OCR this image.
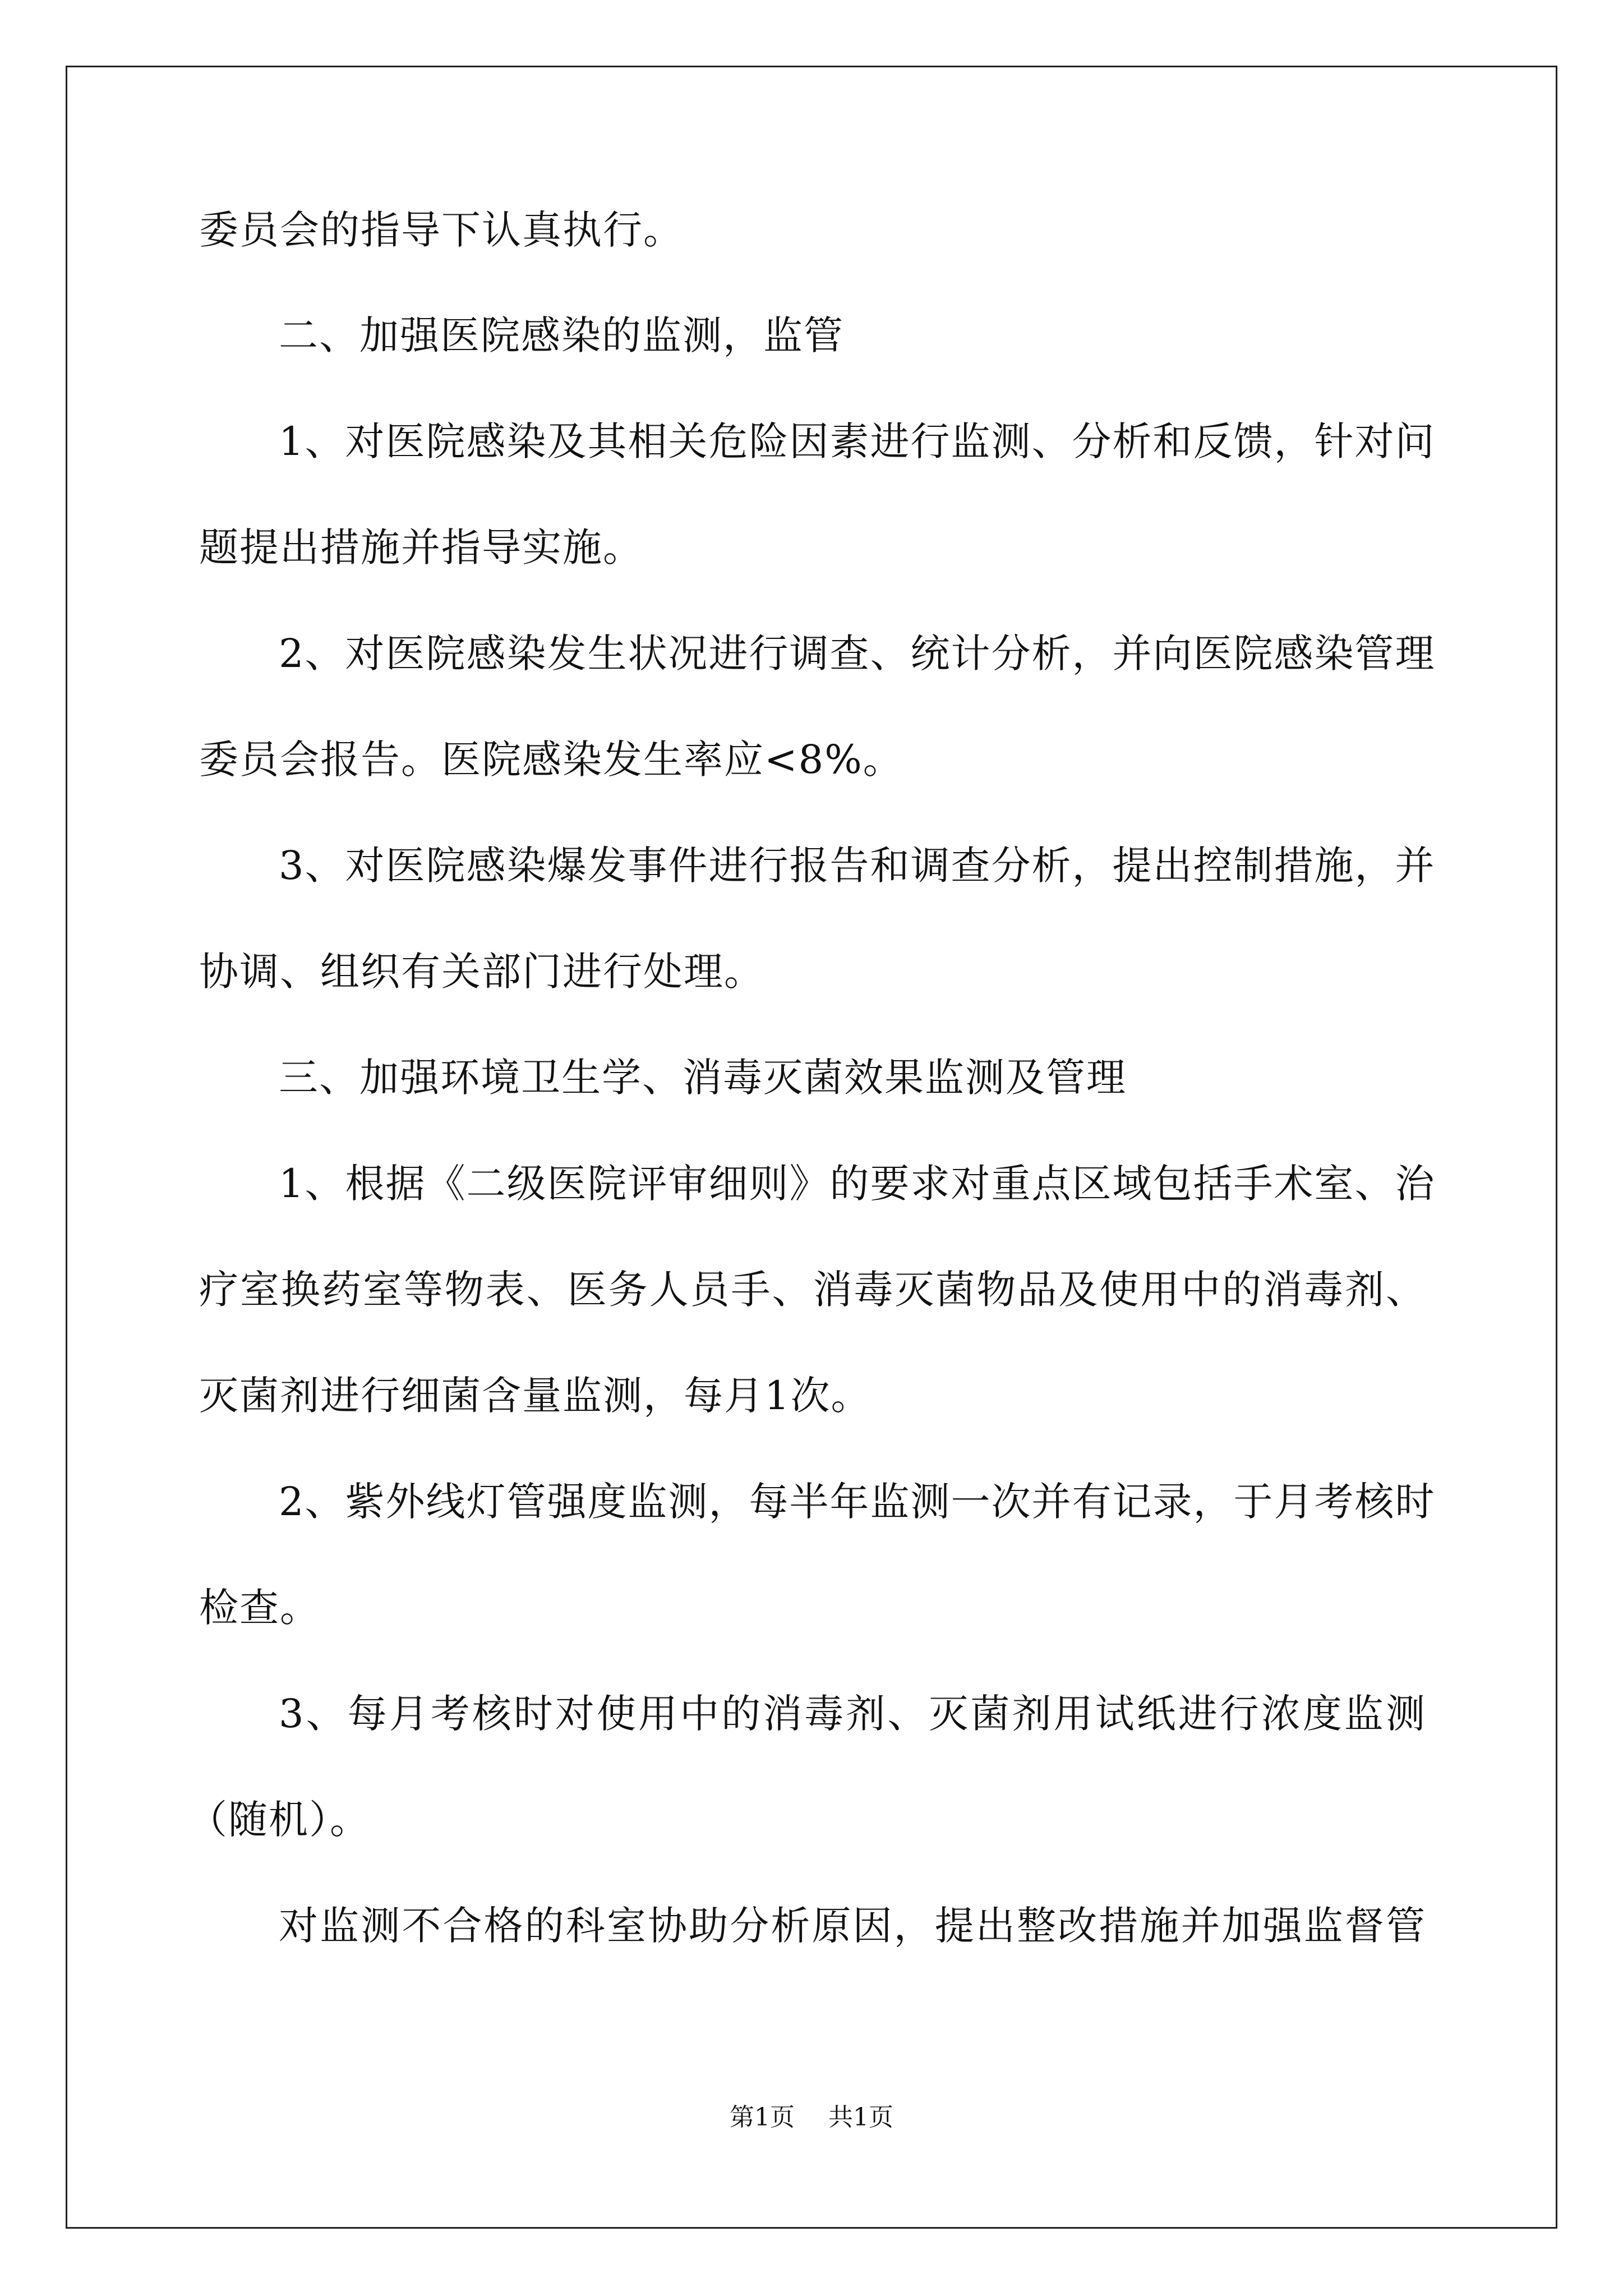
委员会的指导下认真执行。
二、加强医院感染的监测，监管
1、对医院感染及其相关危险因素进行监测、分析和反馈，针对问
题提出措施并指导实施。
2、对医院感染发生状况进行调查、统计分析，并向医院感染管理
委员会报告。医院感染发生率应<8%。
3、对医院感染爆发事件进行报告和调查分析，提出控制措施，并
协调、组织有关部门进行处理。
三、加强环境卫生学、消毒灭菌效果监测及管理
1、根据《二级医院评审细则》的要求对重点区域包括手术室、治
疗室换药室等物表、医务人员手、消毒灭菌物品及使用中的消毒剂、
灭菌剂进行细菌含量监测，每月1次。
2、紫外线灯管强度监测，每半年监测一次并有记录，于月考核时
检查。
3、每月考核时对使用中的消毒剂、灭菌剂用试纸进行浓度监测
（随机）。
对监测不合格的科室协助分析原因，提出整改措施并加强监督管
第1页 共1页
